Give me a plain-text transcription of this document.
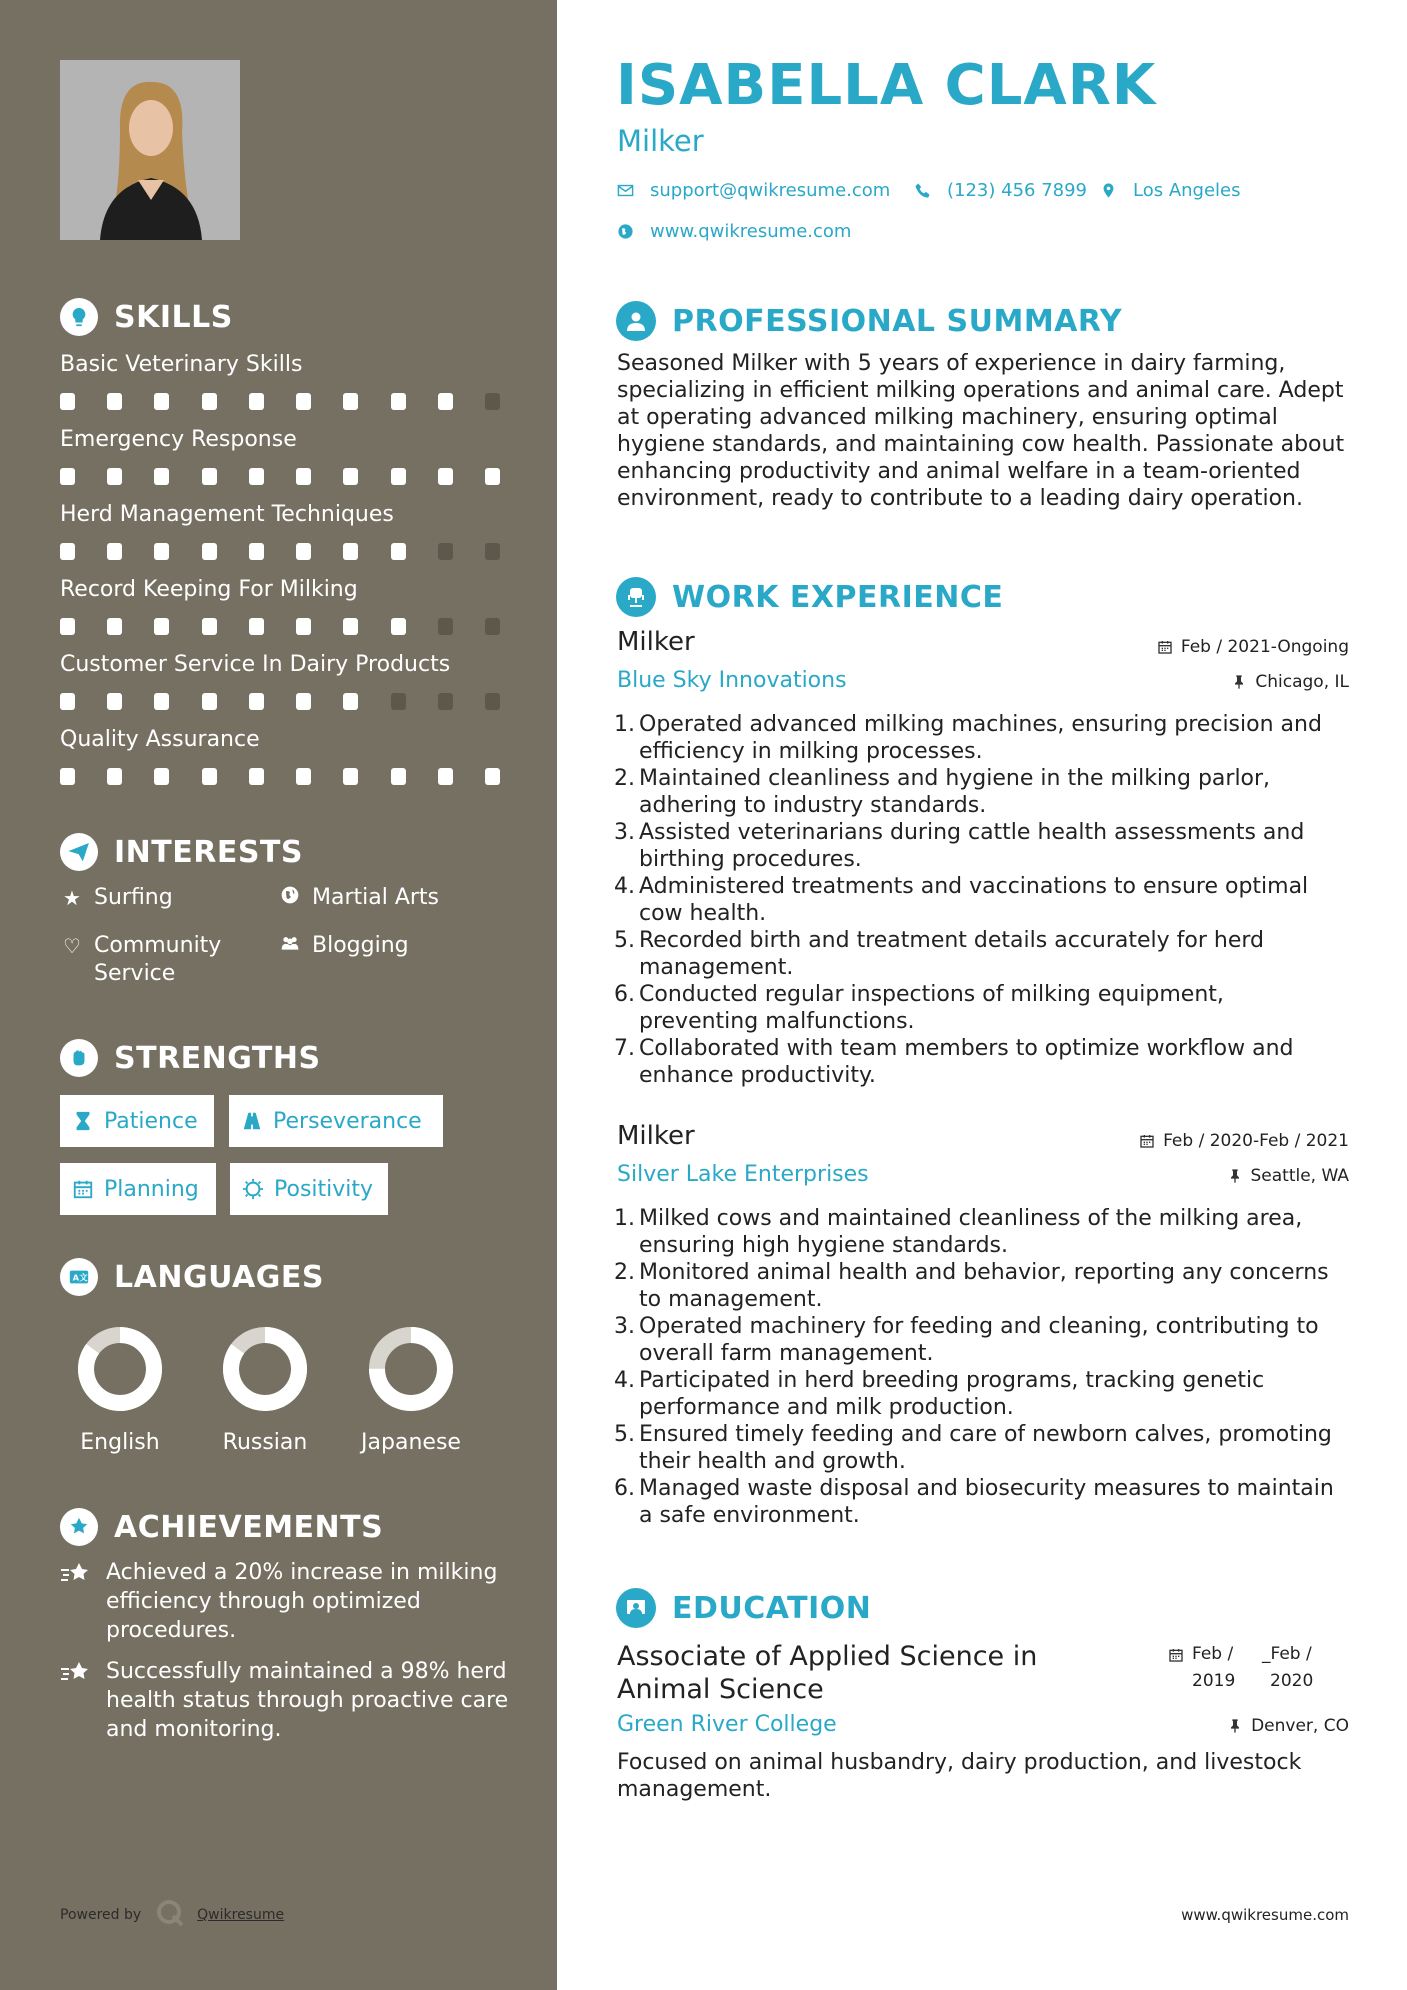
SKILLS
Basic Veterinary Skills
Emergency Response
Herd Management Techniques
Record Keeping For Milking
Customer Service In Dairy Products
Quality Assurance
INTERESTS
★ Surfing	Martial Arts
♡ Community Service
Blogging
STRENGTHS
Patience	Perseverance
Planning	Positivity
A文 LANGUAGES
English	Russian	Japanese
ACHIEVEMENTS
Achieved a 20% increase in milking efficiency through optimized procedures.
Successfully maintained a 98% herd health status through proactive care and monitoring.
Powered by	Qwikresume
ISABELLA CLARK
Milker
support@qwikresume.com	(123) 456 7899	Los Angeles
www.qwikresume.com
PROFESSIONAL SUMMARY
Seasoned Milker with 5 years of experience in dairy farming, specializing in efficient milking operations and animal care. Adept at operating advanced milking machinery, ensuring optimal hygiene standards, and maintaining cow health. Passionate about enhancing productivity and animal welfare in a team-oriented environment, ready to contribute to a leading dairy operation.
WORK EXPERIENCE
Milker	Feb / 2021-Ongoing
Blue Sky Innovations	Chicago, IL
1. Operated advanced milking machines, ensuring precision and efficiency in milking processes.
2. Maintained cleanliness and hygiene in the milking parlor, adhering to industry standards.
3. Assisted veterinarians during cattle health assessments and birthing procedures.
4. Administered treatments and vaccinations to ensure optimal cow health.
5. Recorded birth and treatment details accurately for herd management.
6. Conducted regular inspections of milking equipment, preventing malfunctions.
7. Collaborated with team members to optimize workflow and enhance productivity.
Milker	Feb / 2020-Feb / 2021
Silver Lake Enterprises	Seattle, WA
1. Milked cows and maintained cleanliness of the milking area, ensuring high hygiene standards.
2. Monitored animal health and behavior, reporting any concerns to management.
3. Operated machinery for feeding and cleaning, contributing to overall farm management.
4. Participated in herd breeding programs, tracking genetic performance and milk production.
5. Ensured timely feeding and care of newborn calves, promoting their health and growth.
6. Managed waste disposal and biosecurity measures to maintain a safe environment.
EDUCATION
Associate of Applied Science in Animal Science
Feb /
2019
_Feb /
2020
Green River College	Denver, CO
Focused on animal husbandry, dairy production, and livestock management.
www.qwikresume.com
